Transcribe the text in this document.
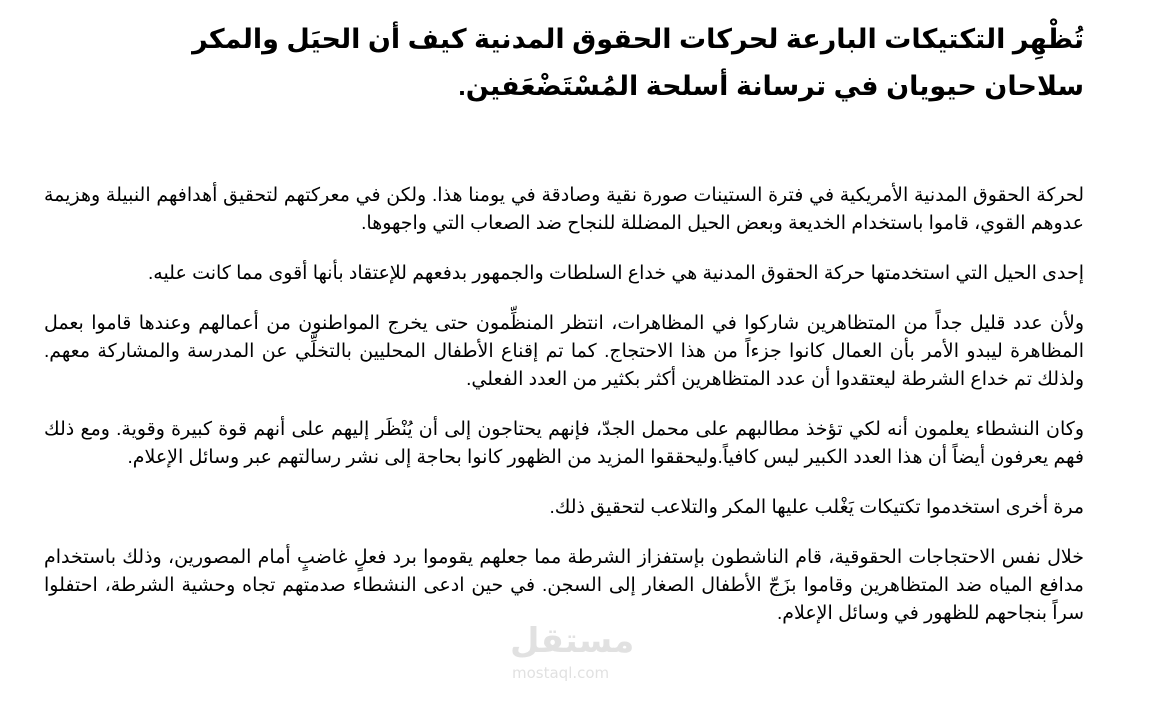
تُظْهِر التكتيكات البارعة لحركات الحقوق المدنية كيف أن الحيَل والمكر سلاحان حيويان في ترسانة أسلحة المُسْتَضْعَفين.

لحركة الحقوق المدنية الأمريكية في فترة الستينات صورة نقية وصادقة في يومنا هذا. ولكن في معركتهم لتحقيق أهدافهم النبيلة وهزيمة عدوهم القوي، قاموا باستخدام الخديعة وبعض الحيل المضللة للنجاح ضد الصعاب التي واجهوها.

إحدى الحيل التي استخدمتها حركة الحقوق المدنية هي خداع السلطات والجمهور بدفعهم للإعتقاد بأنها أقوى مما كانت عليه.

ولأن عدد قليل جداً من المتظاهرين شاركوا في المظاهرات، انتظر المنظِّمون حتى يخرج المواطنون من أعمالهم وعندها قاموا بعمل المظاهرة ليبدو الأمر بأن العمال كانوا جزءاً من هذا الاحتجاج. كما تم إقناع الأطفال المحليين بالتخلِّي عن المدرسة والمشاركة معهم. ولذلك تم خداع الشرطة ليعتقدوا أن عدد المتظاهرين أكثر بكثير من العدد الفعلي.

وكان النشطاء يعلمون أنه لكي تؤخذ مطالبهم على محمل الجدّ، فإنهم يحتاجون إلى أن يُنْظَر إليهم على أنهم قوة كبيرة وقوية. ومع ذلك فهم يعرفون أيضاً أن هذا العدد الكبير ليس كافياً.وليحققوا المزيد من الظهور كانوا بحاجة إلى نشر رسالتهم عبر وسائل الإعلام.

مرة أخرى استخدموا تكتيكات يَغْلب عليها المكر والتلاعب لتحقيق ذلك.

خلال نفس الاحتجاجات الحقوقية، قام الناشطون بإستفزاز الشرطة مما جعلهم يقوموا برد فعلٍ غاضبٍ أمام المصورين، وذلك باستخدام مدافع المياه ضد المتظاهرين وقاموا بزَجّ الأطفال الصغار إلى السجن. في حين ادعى النشطاء صدمتهم تجاه وحشية الشرطة، احتفلوا سراً بنجاحهم للظهور في وسائل الإعلام.

مستقل
mostaql.com
